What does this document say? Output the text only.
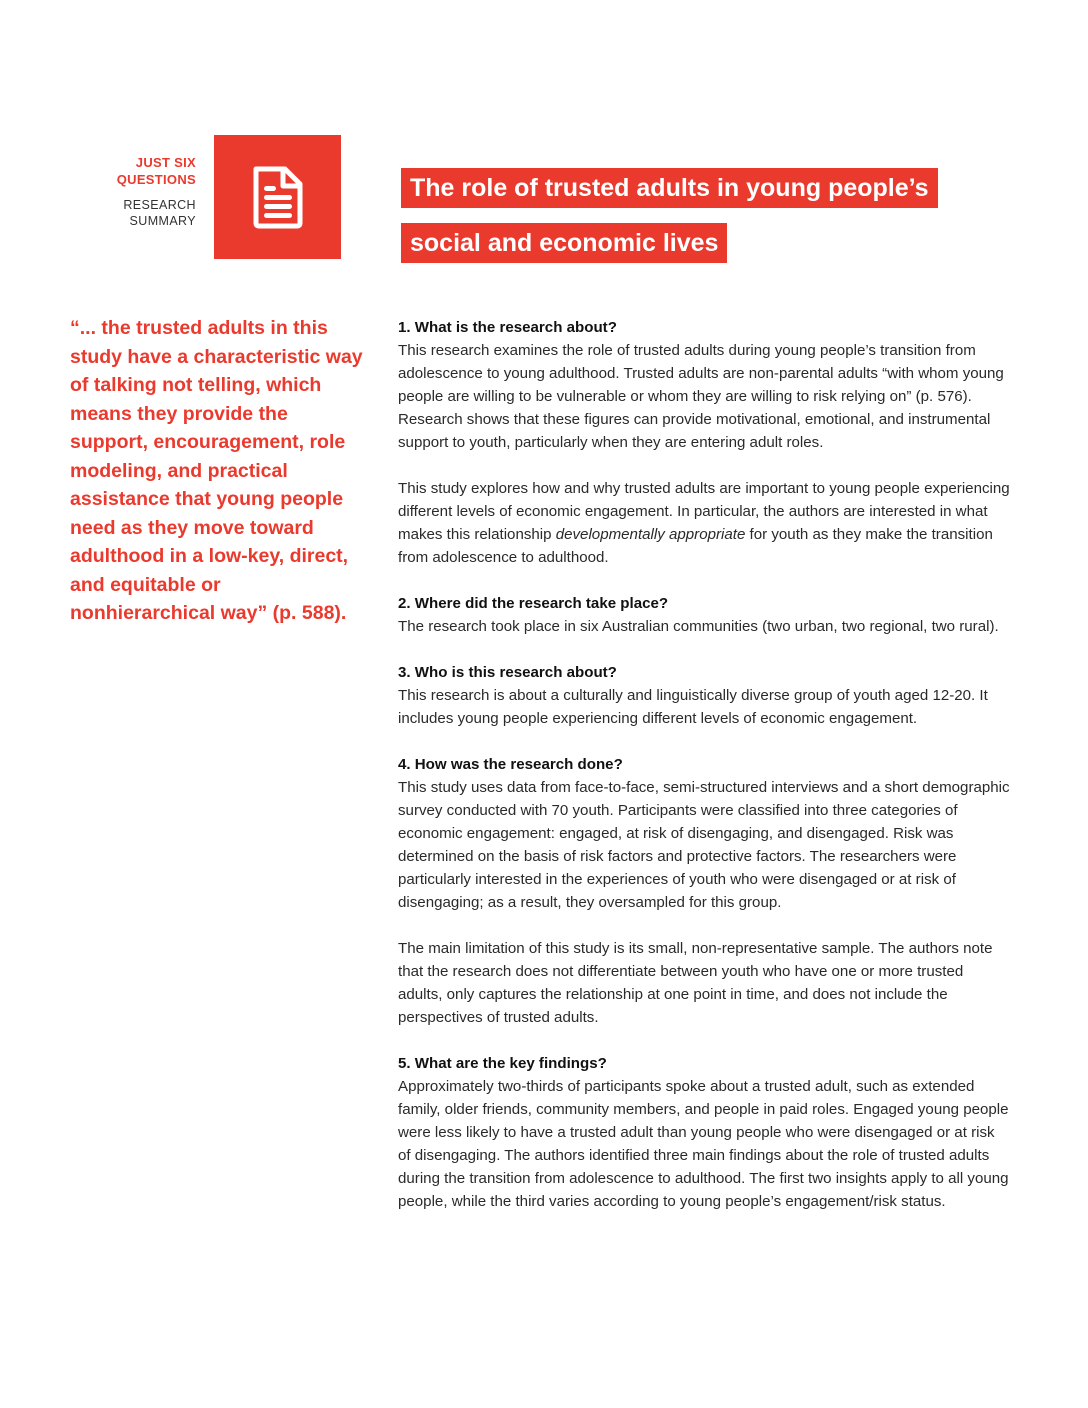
JUST SIX QUESTIONS
RESEARCH SUMMARY
The role of trusted adults in young people’s
social and economic lives
“... the trusted adults in this study have a characteristic way of talking not telling, which means they provide the support, encouragement, role modeling, and practical assistance that young people need as they move toward adulthood in a low-key, direct, and equitable or nonhierarchical way” (p. 588).
1. What is the research about?

This research examines the role of trusted adults during young people’s transition from adolescence to young adulthood. Trusted adults are non-parental adults “with whom young people are willing to be vulnerable or whom they are willing to risk relying on” (p. 576). Research shows that these figures can provide motivational, emotional, and instrumental support to youth, particularly when they are entering adult roles.

This study explores how and why trusted adults are important to young people experiencing different levels of economic engagement. In particular, the authors are interested in what makes this relationship developmentally appropriate for youth as they make the transition from adolescence to adulthood.

2. Where did the research take place?

The research took place in six Australian communities (two urban, two regional, two rural).

3. Who is this research about?

This research is about a culturally and linguistically diverse group of youth aged 12-20. It includes young people experiencing different levels of economic engagement.

4. How was the research done?

This study uses data from face-to-face, semi-structured interviews and a short demographic survey conducted with 70 youth. Participants were classified into three categories of economic engagement: engaged, at risk of disengaging, and disengaged. Risk was determined on the basis of risk factors and protective factors. The researchers were particularly interested in the experiences of youth who were disengaged or at risk of disengaging; as a result, they oversampled for this group.

The main limitation of this study is its small, non-representative sample. The authors note that the research does not differentiate between youth who have one or more trusted adults, only captures the relationship at one point in time, and does not include the perspectives of trusted adults.

5. What are the key findings?

Approximately two-thirds of participants spoke about a trusted adult, such as extended family, older friends, community members, and people in paid roles. Engaged young people were less likely to have a trusted adult than young people who were disengaged or at risk of disengaging. The authors identified three main findings about the role of trusted adults during the transition from adolescence to adulthood. The first two insights apply to all young people, while the third varies according to young people’s engagement/risk status.
